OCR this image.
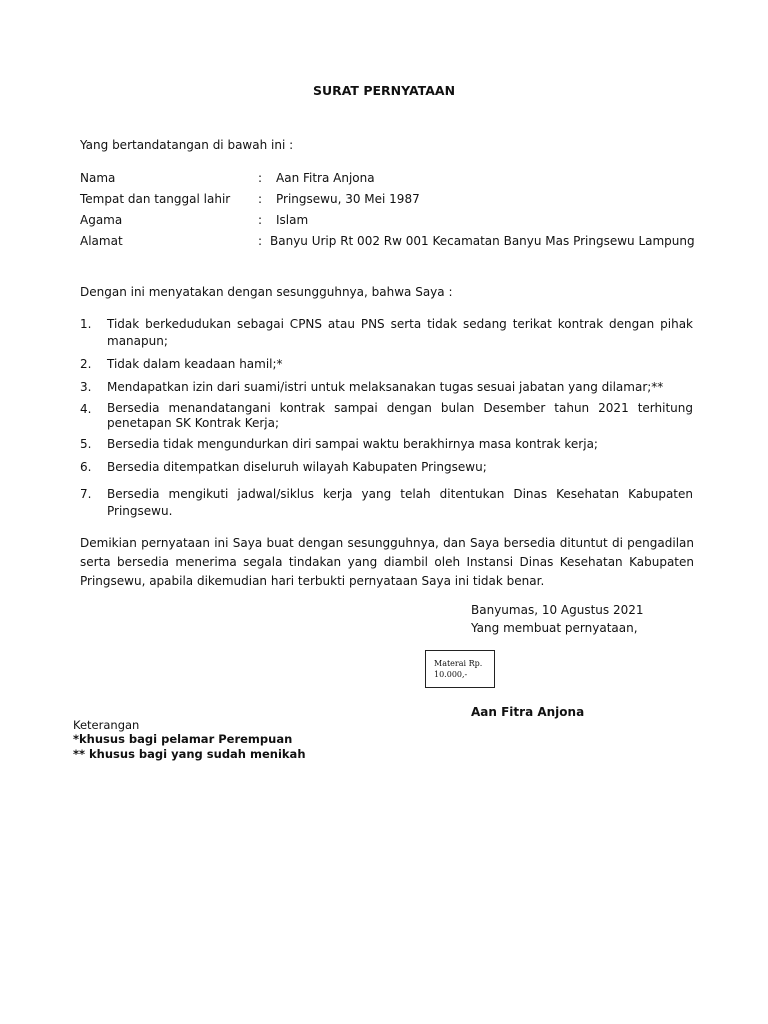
SURAT PERNYATAAN

Yang bertandatangan di bawah ini :

Nama	: Aan Fitra Anjona
Tempat dan tanggal lahir : Pringsewu, 30 Mei 1987
Agama	: Islam
Alamat	: Banyu Urip Rt 002 Rw 001 Kecamatan Banyu Mas Pringsewu Lampung

Dengan ini menyatakan dengan sesungguhnya, bahwa Saya :

1. Tidak berkedudukan sebagai CPNS atau PNS serta tidak sedang terikat kontrak dengan pihak manapun;
2. Tidak dalam keadaan hamil;*
3. Mendapatkan izin dari suami/istri untuk melaksanakan tugas sesuai jabatan yang dilamar;**
4. Bersedia menandatangani kontrak sampai dengan bulan Desember tahun 2021 terhitung penetapan SK Kontrak Kerja;
5. Bersedia tidak mengundurkan diri sampai waktu berakhirnya masa kontrak kerja;
6. Bersedia ditempatkan diseluruh wilayah Kabupaten Pringsewu;
7. Bersedia mengikuti jadwal/siklus kerja yang telah ditentukan Dinas Kesehatan Kabupaten Pringsewu.

Demikian pernyataan ini Saya buat dengan sesungguhnya, dan Saya bersedia dituntut di pengadilan serta bersedia menerima segala tindakan yang diambil oleh Instansi Dinas Kesehatan Kabupaten Pringsewu, apabila dikemudian hari terbukti pernyataan Saya ini tidak benar.

Banyumas, 10 Agustus 2021

Yang membuat pernyataan,

Materai Rp.
10.000,-

Aan Fitra Anjona

Keterangan
*khusus bagi pelamar Perempuan
** khusus bagi yang sudah menikah
